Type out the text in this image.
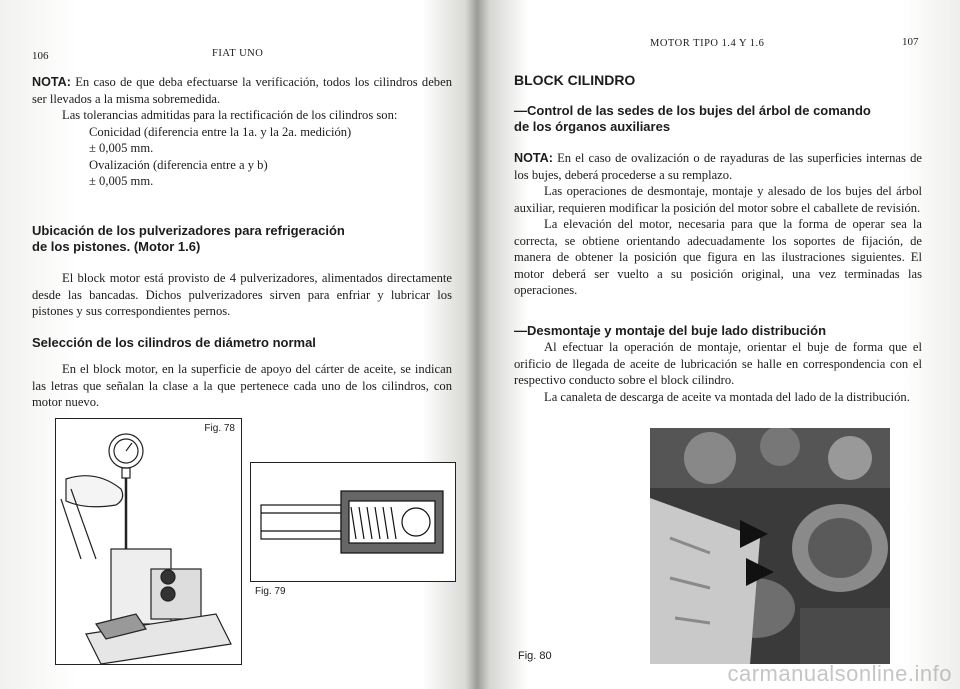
106	FIAT UNO

NOTA: En caso de que deba efectuarse la verificación, todos los cilindros deben ser llevados a la misma sobremedida.

Las tolerancias admitidas para la rectificación de los cilindros son:

Conicidad (diferencia entre la 1a. y la 2a. medición)
± 0,005 mm.
Ovalización (diferencia entre a y b)
± 0,005 mm.
Ubicación de los pulverizadores para refrigeración
de los pistones. (Motor 1.6)

El block motor está provisto de 4 pulverizadores, alimentados directamente desde las bancadas. Dichos pulverizadores sirven para enfriar y lubricar los pistones y sus correspondientes pernos.

Selección de los cilindros de diámetro normal

En el block motor, en la superficie de apoyo del cárter de aceite, se indican las letras que señalan la clase a la que pertenece cada uno de los cilindros, con motor nuevo.

Fig. 78
Fig. 79
MOTOR TIPO 1.4 Y 1.6	107
BLOCK CILINDRO
—Control de las sedes de los bujes del árbol de comando
de los órganos auxiliares

NOTA: En el caso de ovalización o de rayaduras de las superficies internas de los bujes, deberá procederse a su remplazo.

Las operaciones de desmontaje, montaje y alesado de los bujes del árbol auxiliar, requieren modificar la posición del motor sobre el caballete de revisión.

La elevación del motor, necesaria para que la forma de operar sea la correcta, se obtiene orientando adecuadamente los soportes de fijación, de manera de obtener la posición que figura en las ilustraciones siguientes. El motor deberá ser vuelto a su posición original, una vez terminadas las operaciones.

—Desmontaje y montaje del buje lado distribución

Al efectuar la operación de montaje, orientar el buje de forma que el orificio de llegada de aceite de lubricación se halle en correspondencia con el respectivo conducto sobre el block cilindro.

La canaleta de descarga de aceite va montada del lado de la distribución.

Fig. 80
carmanualsonline.info
